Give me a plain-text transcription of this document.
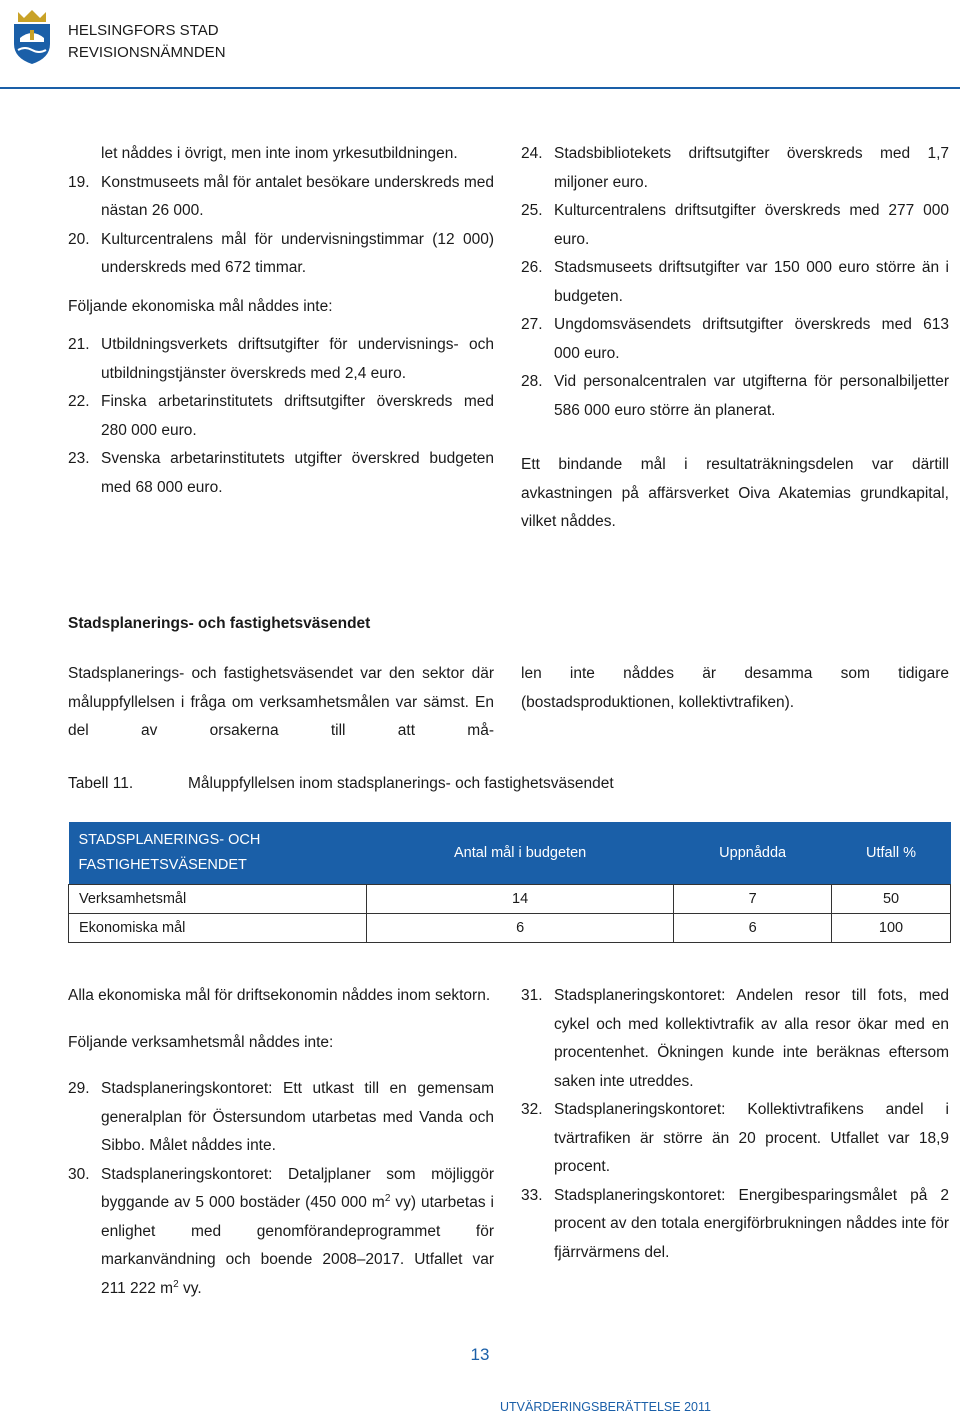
HELSINGFORS STAD
REVISIONSNÄMNDEN

let nåddes i övrigt, men inte inom yrkesutbildningen.

19. Konstmuseets mål för antalet besökare underskreds med nästan 26 000.
20. Kulturcentralens mål för undervisningstimmar (12 000) underskreds med 672 timmar.

Följande ekonomiska mål nåddes inte:

21. Utbildningsverkets driftsutgifter för undervisnings- och utbildningstjänster överskreds med 2,4 euro.
22. Finska arbetarinstitutets driftsutgifter överskreds med 280 000 euro.
23. Svenska arbetarinstitutets utgifter överskred budgeten med 68 000 euro.
24. Stadsbibliotekets driftsutgifter överskreds med 1,7 miljoner euro.
25. Kulturcentralens driftsutgifter överskreds med 277 000 euro.
26. Stadsmuseets driftsutgifter var 150 000 euro större än i budgeten.
27. Ungdomsväsendets driftsutgifter överskreds med 613 000 euro.
28. Vid personalcentralen var utgifterna för personalbiljetter 586 000 euro större än planerat.

Ett bindande mål i resultaträkningsdelen var därtill avkastningen på affärsverket Oiva Akatemias grundkapital, vilket nåddes.

Stadsplanerings- och fastighetsväsendet

Stadsplanerings- och fastighetsväsendet var den sektor där måluppfyllelsen i fråga om verksamhetsmålen var sämst. En del av orsakerna till att må-

len inte nåddes är desamma som tidigare (bostadsproduktionen, kollektivtrafiken).

Tabell 11.	Måluppfyllelsen inom stadsplanerings- och fastighetsväsendet
STADSPLANERINGS- OCH FASTIGHETSVÄSENDET	Antal mål i budgeten	Uppnådda	Utfall %
Verksamhetsmål	14	7	50
Ekonomiska mål	6	6	100

Alla ekonomiska mål för driftsekonomin nåddes inom sektorn.

Följande verksamhetsmål nåddes inte:

29. Stadsplaneringskontoret: Ett utkast till en gemensam generalplan för Östersundom utarbetas med Vanda och Sibbo. Målet nåddes inte.
30. Stadsplaneringskontoret: Detaljplaner som möjliggör byggande av 5 000 bostäder (450 000 $m^2$ vy) utarbetas i enlighet med genomförandeprogrammet för markanvändning och boende 2008–2017. Utfallet var 211 222 $m^2$ vy.
31. Stadsplaneringskontoret: Andelen resor till fots, med cykel och med kollektivtrafik av alla resor ökar med en procentenhet. Ökningen kunde inte beräknas eftersom saken inte utreddes.
32. Stadsplaneringskontoret: Kollektivtrafikens andel i tvärtrafiken är större än 20 procent. Utfallet var 18,9 procent.
33. Stadsplaneringskontoret: Energibesparingsmålet på 2 procent av den totala energiförbrukningen nåddes inte för fjärrvärmens del.
13
UTVÄRDERINGSBERÄTTELSE 2011
